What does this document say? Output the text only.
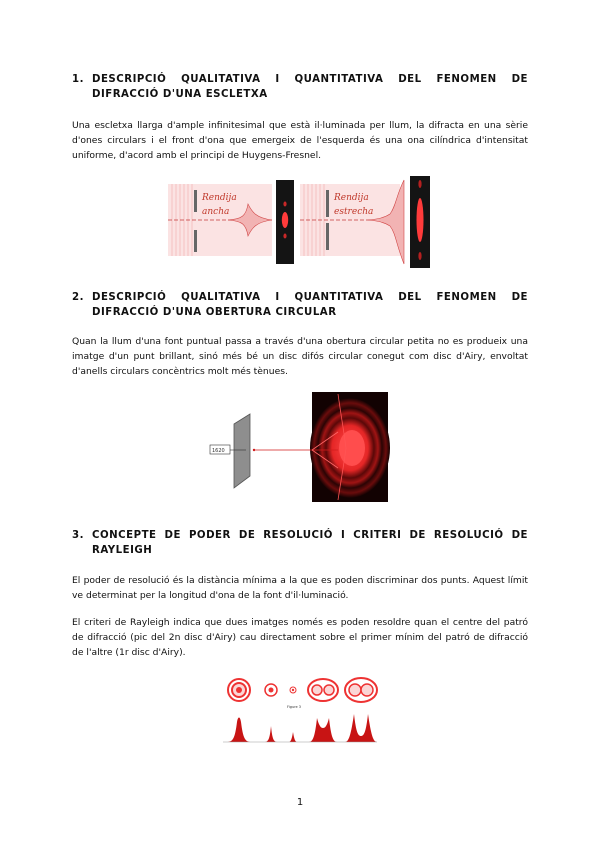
1. DESCRIPCIÓ QUALITATIVA I QUANTITATIVA DEL FENOMEN DE DIFRACCIÓ D'UNA ESCLETXA

Una escletxa llarga d'ample infinitesimal que està il·luminada per llum, la difracta en una sèrie d'ones circulars i el front d'ona que emergeix de l'esquerda és una ona cilíndrica d'intensitat uniforme, d'acord amb el principi de Huygens-Fresnel.

Rendija
ancha
Rendija
estrecha
2. DESCRIPCIÓ QUALITATIVA I QUANTITATIVA DEL FENOMEN DE DIFRACCIÓ D'UNA OBERTURA CIRCULAR

Quan la llum d'una font puntual passa a través d'una obertura circular petita no es produeix una imatge d'un punt brillant, sinó més bé un disc difós circular conegut com disc d'Airy, envoltat d'anells circulars concèntrics molt més tènues.

1620
3. CONCEPTE DE PODER DE RESOLUCIÓ I CRITERI DE RESOLUCIÓ DE RAYLEIGH

El poder de resolució és la distància mínima a la que es poden discriminar dos punts. Aquest límit ve determinat per la longitud d'ona de la font d'il·luminació.

El criteri de Rayleigh indica que dues imatges només es poden resoldre quan el centre del patró de difracció (pic del 2n disc d'Airy) cau directament sobre el primer mínim del patró de difracció de l'altre (1r disc d'Airy).

Figure 3
1
